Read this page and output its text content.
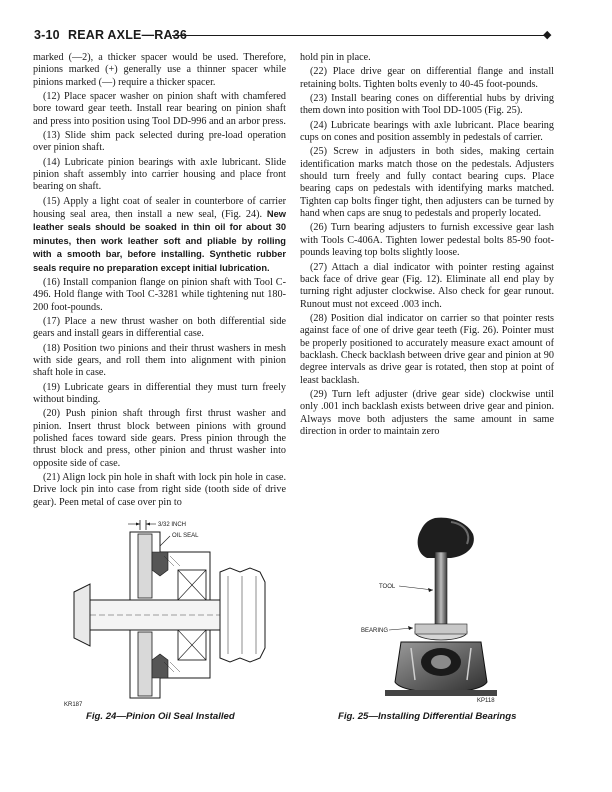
3-10 REAR AXLE—RA36	◆

marked (—2), a thicker spacer would be used. Therefore, pinions marked (+) generally use a thinner spacer while pinions marked (—) require a thicker spacer.

(12) Place spacer washer on pinion shaft with chamfered bore toward gear teeth. Install rear bearing on pinion shaft and press into position using Tool DD-996 and an arbor press.

(13) Slide shim pack selected during pre-load operation over pinion shaft.

(14) Lubricate pinion bearings with axle lubricant. Slide pinion shaft assembly into carrier housing and place front bearing on shaft.

(15) Apply a light coat of sealer in counterbore of carrier housing seal area, then install a new seal, (Fig. 24). New leather seals should be soaked in thin oil for about 30 minutes, then work leather soft and pliable by rolling with a smooth bar, before installing. Synthetic rubber seals require no preparation except initial lubrication.

(16) Install companion flange on pinion shaft with Tool C-496. Hold flange with Tool C-3281 while tightening nut 180-200 foot-pounds.

(17) Place a new thrust washer on both differential side gears and install gears in differential case.

(18) Position two pinions and their thrust washers in mesh with side gears, and roll them into alignment with pinion shaft hole in case.

(19) Lubricate gears in differential they must turn freely without binding.

(20) Push pinion shaft through first thrust washer and pinion. Insert thrust block between pinions with ground polished faces toward side gears. Press pinion through the thrust block and press, other pinion and thrust washer into opposite side of case.

(21) Align lock pin hole in shaft with lock pin hole in case. Drive lock pin into case from right side (tooth side of drive gear). Peen metal of case over pin to

hold pin in place.

(22) Place drive gear on differential flange and install retaining bolts. Tighten bolts evenly to 40-45 foot-pounds.

(23) Install bearing cones on differential hubs by driving them down into position with Tool DD-1005 (Fig. 25).

(24) Lubricate bearings with axle lubricant. Place bearing cups on cones and position assembly in pedestals of carrier.

(25) Screw in adjusters in both sides, making certain identification marks match those on the pedestals. Adjusters should turn freely and fully contact bearing cups. Place bearing caps on pedestals with identifying marks matched. Tighten cap bolts finger tight, then adjusters can be turned by hand when caps are snug to pedestals and properly located.

(26) Turn bearing adjusters to furnish excessive gear lash with Tools C-406A. Tighten lower pedestal bolts 85-90 foot-pounds leaving top bolts slightly loose.

(27) Attach a dial indicator with pointer resting against back face of drive gear (Fig. 12). Eliminate all end play by turning right adjuster clockwise. Also check for gear runout. Runout must not exceed .003 inch.

(28) Position dial indicator on carrier so that pointer rests against face of one of drive gear teeth (Fig. 26). Pointer must be properly positioned to accurately measure exact amount of backlash. Check backlash between drive gear and pinion at 90 degree intervals as drive gear is rotated, then stop at point of least backlash.

(29) Turn left adjuster (drive gear side) clockwise until only .001 inch backlash exists between drive gear and pinion. Always move both adjusters the same amount in same direction in order to maintain zero

3/32 INCH
OIL SEAL
KR187
Fig. 24—Pinion Oil Seal Installed
TOOL
BEARING
KP118
Fig. 25—Installing Differential Bearings
